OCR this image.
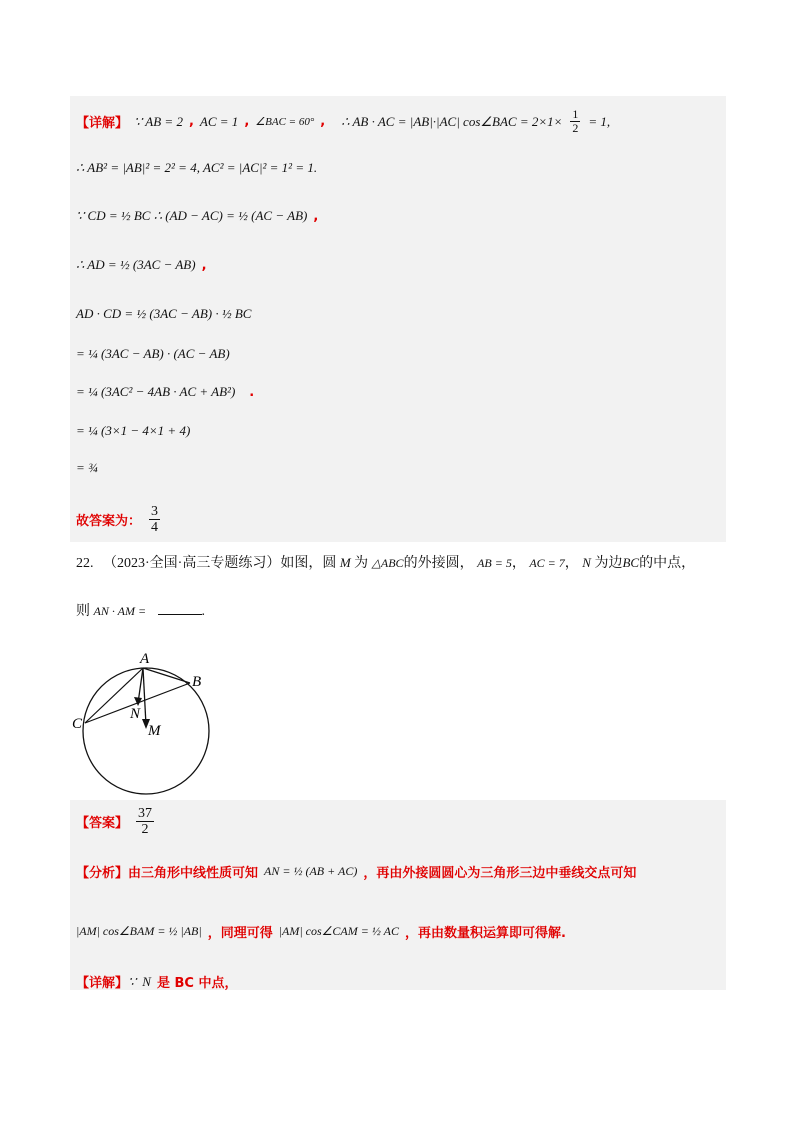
【详解】 ∵ AB = 2 , AC = 1 , ∠BAC = 60° , ∴ AB · AC = |AB|·|AC| cos∠BAC = $2\times 1\times \frac{1}{2} = 1$,
∴ AB² = |AB|² = 2² = 4, AC² = |AC|² = 1² = 1.
∵ CD = ½ BC ∴ (AD − AC) = ½ (AC − AB) ,
∴ AD = ½ (3AC − AB) ,
AD · CD = ½ (3AC − AB) · ½ BC
= ¼ (3AC − AB) · (AC − AB)
= ¼ (3AC² − 4AB · AC + AB²) .
= ¼ (3×1 − 4×1 + 4)
= ¾
故答案为： $\frac{3}{4}$
22. （2023·全国·高三专题练习）如图，圆 M 为 △ABC的外接圆， AB = 5， AC = 7， N 为边BC的中点，
则 AN · AM =	.
A
B
C
N
M
【答案】 $\frac{37}{2}$
【分析】 由三角形中线性质可知 AN = ½ (AB + AC) ，再由外接圆圆心为三角形三边中垂线交点可知
|AM| cos∠BAM = ½ |AB| ，同理可得 |AM| cos∠CAM = ½ AC ，再由数量积运算即可得解.
【详解】 ∵ N 是 BC 中点，
